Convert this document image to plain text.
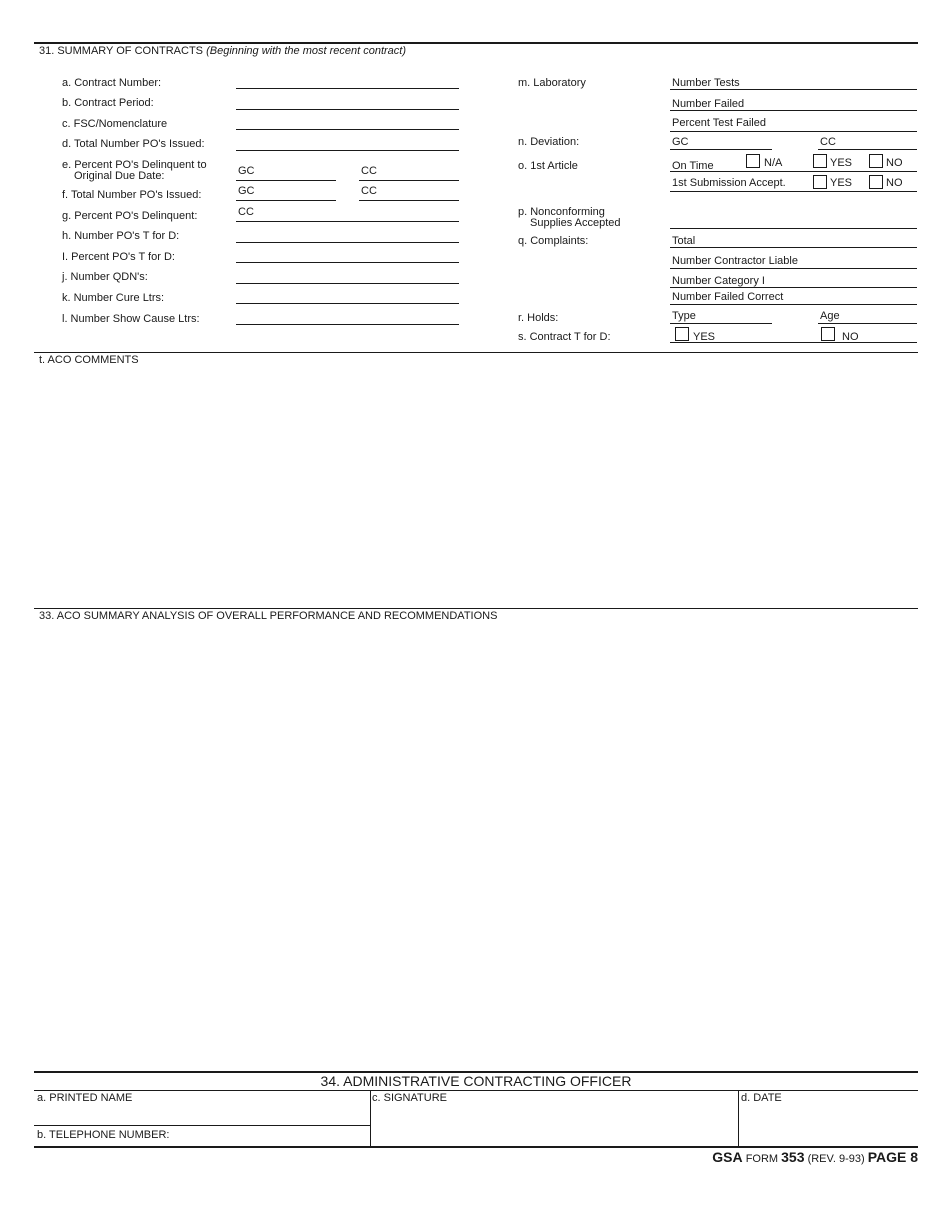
31. SUMMARY OF CONTRACTS (Beginning with the most recent contract)
a. Contract Number:
b. Contract Period:
c. FSC/Nomenclature
d. Total Number PO's Issued:
e. Percent PO's Delinquent to
Original Due Date:	GC	CC
f. Total Number PO's Issued:	GC	CC
g. Percent PO's Delinquent:	CC
h. Number PO's T for D:
I. Percent PO's T for D:
j. Number QDN's:
k. Number Cure Ltrs:
l. Number Show Cause Ltrs:
m. Laboratory	Number Tests
Number Failed
Percent Test Failed
n. Deviation:	GC	CC
o. 1st Article	On Time	N/A	YES	NO
1st Submission Accept.	YES	NO
p. Nonconforming
Supplies Accepted
q. Complaints:	Total
Number Contractor Liable
Number Category I
Number Failed Correct
r. Holds:	Type	Age
s. Contract T for D:	YES	NO
t. ACO COMMENTS
33. ACO SUMMARY ANALYSIS OF OVERALL PERFORMANCE AND RECOMMENDATIONS
34. ADMINISTRATIVE CONTRACTING OFFICER
a. PRINTED NAME
b. TELEPHONE NUMBER:
c. SIGNATURE	d. DATE
GSA FORM 353 (REV. 9-93) PAGE 8
